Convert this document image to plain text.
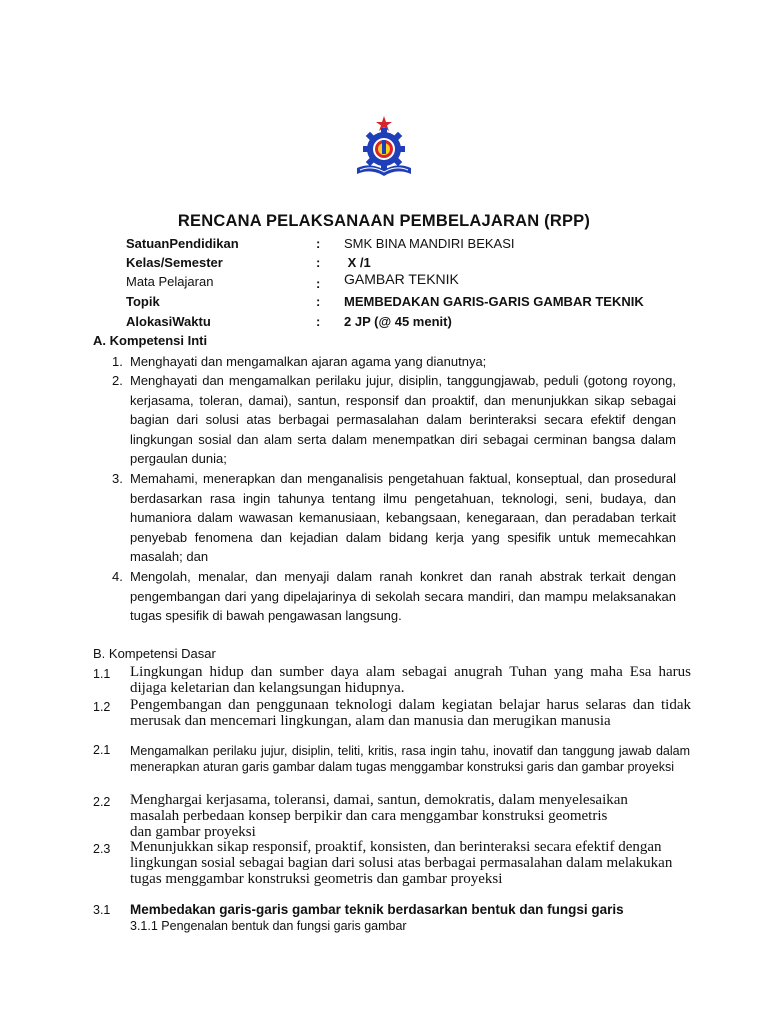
RENCANA PELAKSANAAN PEMBELAJARAN (RPP)
SatuanPendidikan	: SMK BINA MANDIRI BEKASI
Kelas/Semester	: X /1
Mata Pelajaran	: GAMBAR TEKNIK
Topik	: MEMBEDAKAN GARIS-GARIS GAMBAR TEKNIK
AlokasiWaktu	: 2 JP (@ 45 menit)
A. Kompetensi Inti
1. Menghayati dan mengamalkan ajaran agama yang dianutnya;
2. Menghayati dan mengamalkan perilaku jujur, disiplin, tanggungjawab, peduli (gotong royong, kerjasama, toleran, damai), santun, responsif dan proaktif, dan menunjukkan sikap sebagai bagian dari solusi atas berbagai permasalahan dalam berinteraksi secara efektif dengan lingkungan sosial dan alam serta dalam menempatkan diri sebagai cerminan bangsa dalam pergaulan dunia;
3. Memahami, menerapkan dan menganalisis pengetahuan faktual, konseptual, dan prosedural berdasarkan rasa ingin tahunya tentang ilmu pengetahuan, teknologi, seni, budaya, dan humaniora dalam wawasan kemanusiaan, kebangsaan, kenegaraan, dan peradaban terkait penyebab fenomena dan kejadian dalam bidang kerja yang spesifik untuk memecahkan masalah; dan
4. Mengolah, menalar, dan menyaji dalam ranah konkret dan ranah abstrak terkait dengan pengembangan dari yang dipelajarinya di sekolah secara mandiri, dan mampu melaksanakan tugas spesifik di bawah pengawasan langsung.
B. Kompetensi Dasar
1.1 Lingkungan hidup dan sumber daya alam sebagai anugrah Tuhan yang maha Esa harus dijaga keletarian dan kelangsungan hidupnya.
1.2 Pengembangan dan penggunaan teknologi dalam kegiatan belajar harus selaras dan tidak merusak dan mencemari lingkungan, alam dan manusia dan merugikan manusia
2.1 Mengamalkan perilaku jujur, disiplin, teliti, kritis, rasa ingin tahu, inovatif dan tanggung jawab dalam menerapkan aturan garis gambar dalam tugas menggambar konstruksi garis dan gambar proyeksi
2.2 Menghargai kerjasama, toleransi, damai, santun, demokratis, dalam menyelesaikan masalah perbedaan konsep berpikir dan cara menggambar konstruksi geometris dan gambar proyeksi
2.3 Menunjukkan sikap responsif, proaktif, konsisten, dan berinteraksi secara efektif dengan lingkungan sosial sebagai bagian dari solusi atas berbagai permasalahan dalam melakukan tugas menggambar konstruksi geometris dan gambar proyeksi
3.1 Membedakan garis-garis gambar teknik berdasarkan bentuk dan fungsi garis
3.1.1 Pengenalan bentuk dan fungsi garis gambar
